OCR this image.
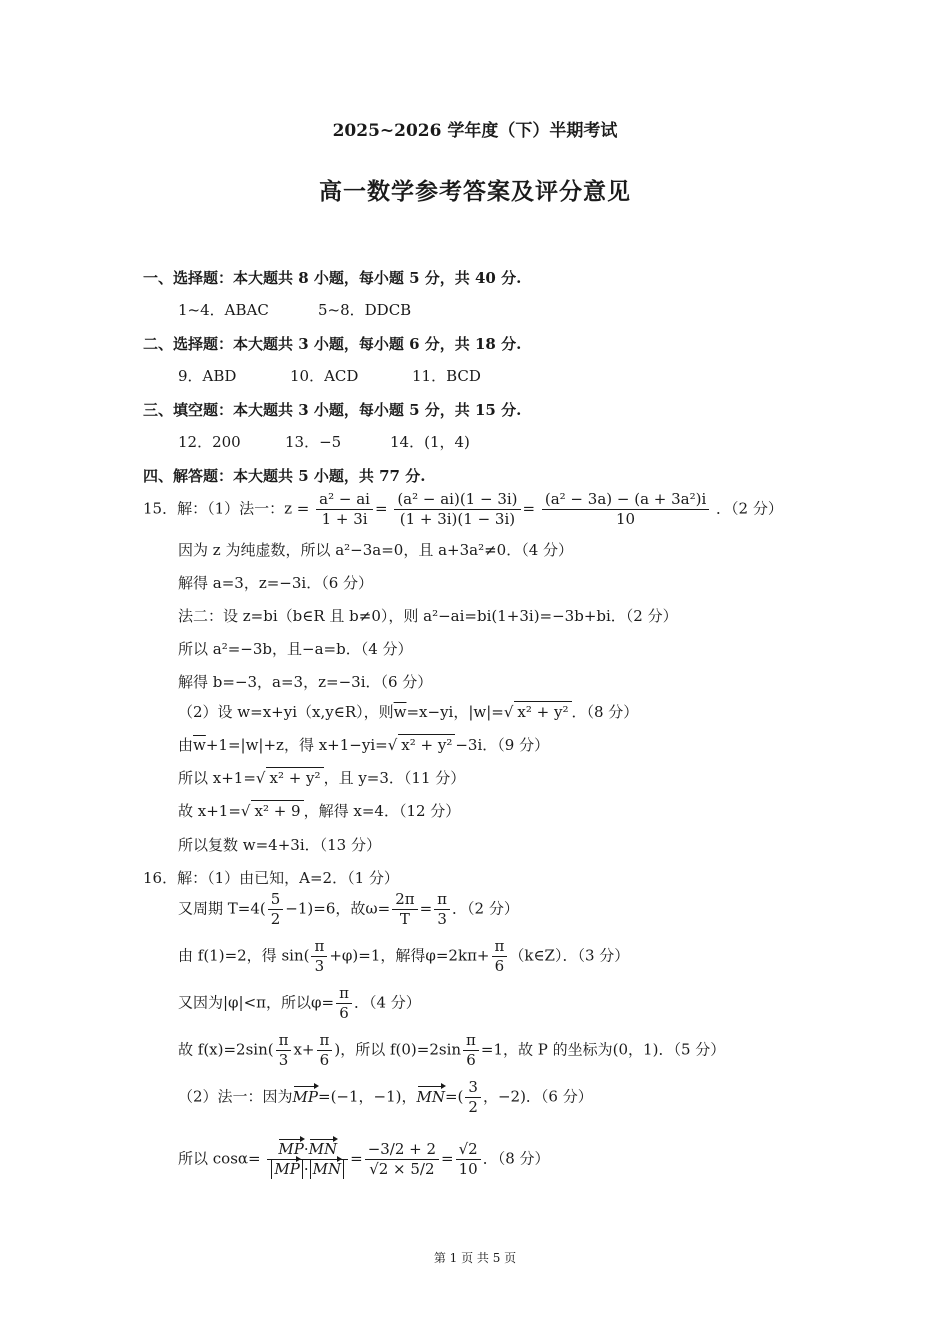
2025~2026 学年度（下）半期考试
高一数学参考答案及评分意见
一、选择题：本大题共 8 小题，每小题 5 分，共 40 分.
1~4．ABAC	5~8．DDCB
二、选择题：本大题共 3 小题，每小题 6 分，共 18 分.
9．ABD	10．ACD	11．BCD
三、填空题：本大题共 3 小题，每小题 5 分，共 15 分.
12．200	13．−5	14．(1，4)
四、解答题：本大题共 5 小题，共 77 分.
15．解：（1）法一：$z = \frac{\text{a² − ai}}{1 + 3i} = \frac{\text{(a² − ai)(1 − 3i)}}{(1 + 3i)(1 - 3i)} = \frac{\text{(a² − 3a) − (a + 3a²)i}}{10}$ ．（2 分）
因为 z 为纯虚数，所以 a²−3a=0，且 a+3a²≠0．（4 分）
解得 a=3，z=−3i．（6 分）
法二：设 z=bi（b∈R 且 b≠0），则 a²−ai=bi(1+3i)=−3b+bi．（2 分）
所以 a²=−3b，且−a=b．（4 分）
解得 b=−3，a=3，z=−3i．（6 分）
（2）设 w=x+yi（x,y∈R），则$\overline{w}=x-yi$，|w|=√ x² + y² ．（8 分）
由$\overline{w}+1=|w|+z$，得 x+1−yi=√ x² + y² −3i．（9 分）
所以 x+1=√ x² + y² ，且 y=3．（11 分）
故 x+1=√ x² + 9 ，解得 x=4．（12 分）
所以复数 w=4+3i．（13 分）
16．解：（1）由已知，A=2．（1 分）
又周期 $T=4( \frac{5}{2} -1)=6$，故$\omega= \frac{2\pi}{T} = \frac{\pi}{3}$ ．（2 分）
由 f(1)=2，得 $\sin( \frac{\pi}{3} +\varphi)=1$，解得$\varphi=2k\pi+ \frac{\pi}{6}$ （k∈Z）．（3 分）
又因为|φ|<π，所以$\varphi= \frac{\pi}{6}$ ．（4 分）
故 $f(x)=2\sin( \frac{\pi}{3} x+ \frac{\pi}{6}$ )，所以 $f(0)=2\sin \frac{\pi}{6} =1$，故 P 的坐标为(0，1)．（5 分）
（2）法一：因为MP=(−1，−1)，$MN=( \frac{3}{2}$ ，−2)．（6 分）
所以 $\cos\alpha= \frac{MP\cdot MN}{MP \cdot MN} = \frac{-3/2 + 2}{√2 \times 5/2} = \frac{√2}{10}$ ．（8 分）
第 1 页 共 5 页
